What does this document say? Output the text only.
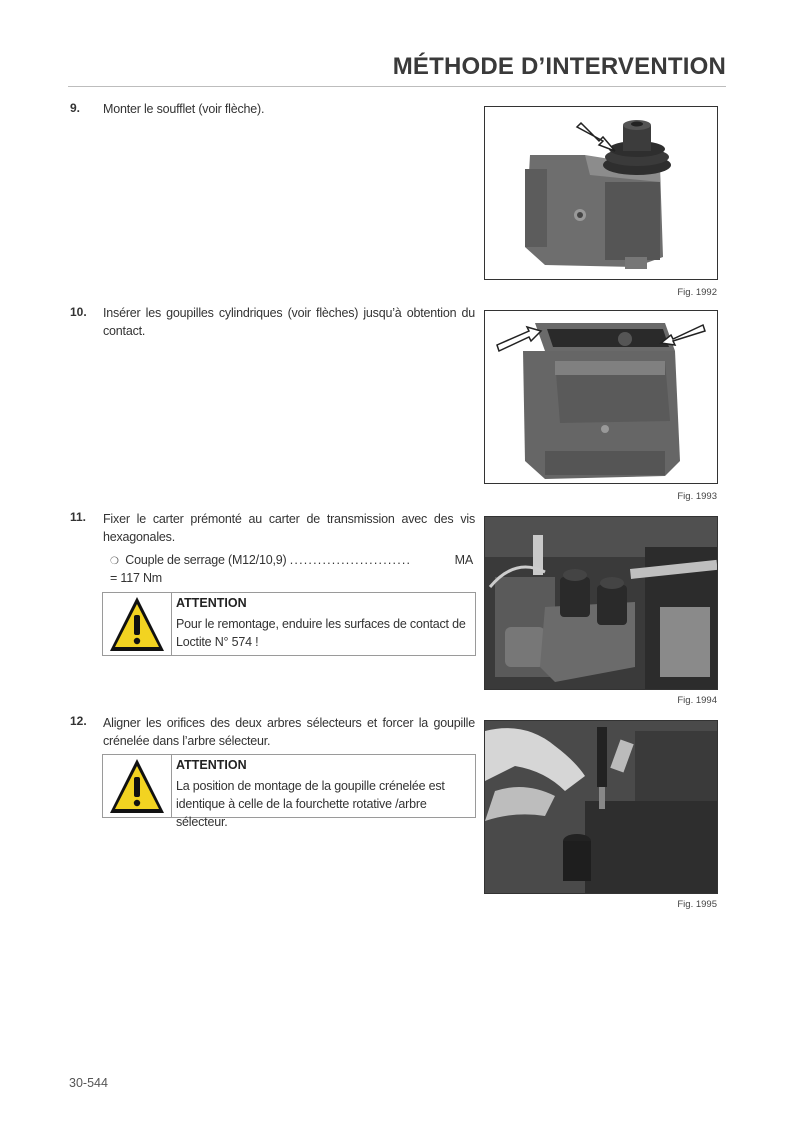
MÉTHODE D’INTERVENTION
9. Monter le soufflet (voir flèche).
Fig. 1992
10. Insérer les goupilles cylindriques (voir flèches) jusqu’à obtention du contact.
Fig. 1993
11. Fixer le carter prémonté au carter de transmission avec des vis hexagonales.
❍ Couple de serrage (M12/10,9) ..........................	MA
= 117 Nm
ATTENTION
Pour le remontage, enduire les surfaces de contact de Loctite N° 574 !
Fig. 1994
12. Aligner les orifices des deux arbres sélecteurs et forcer la goupille crénelée dans l’arbre sélecteur.
ATTENTION
La position de montage de la goupille crénelée est identique à celle de la fourchette rotative /arbre sélecteur.
Fig. 1995
30-544
